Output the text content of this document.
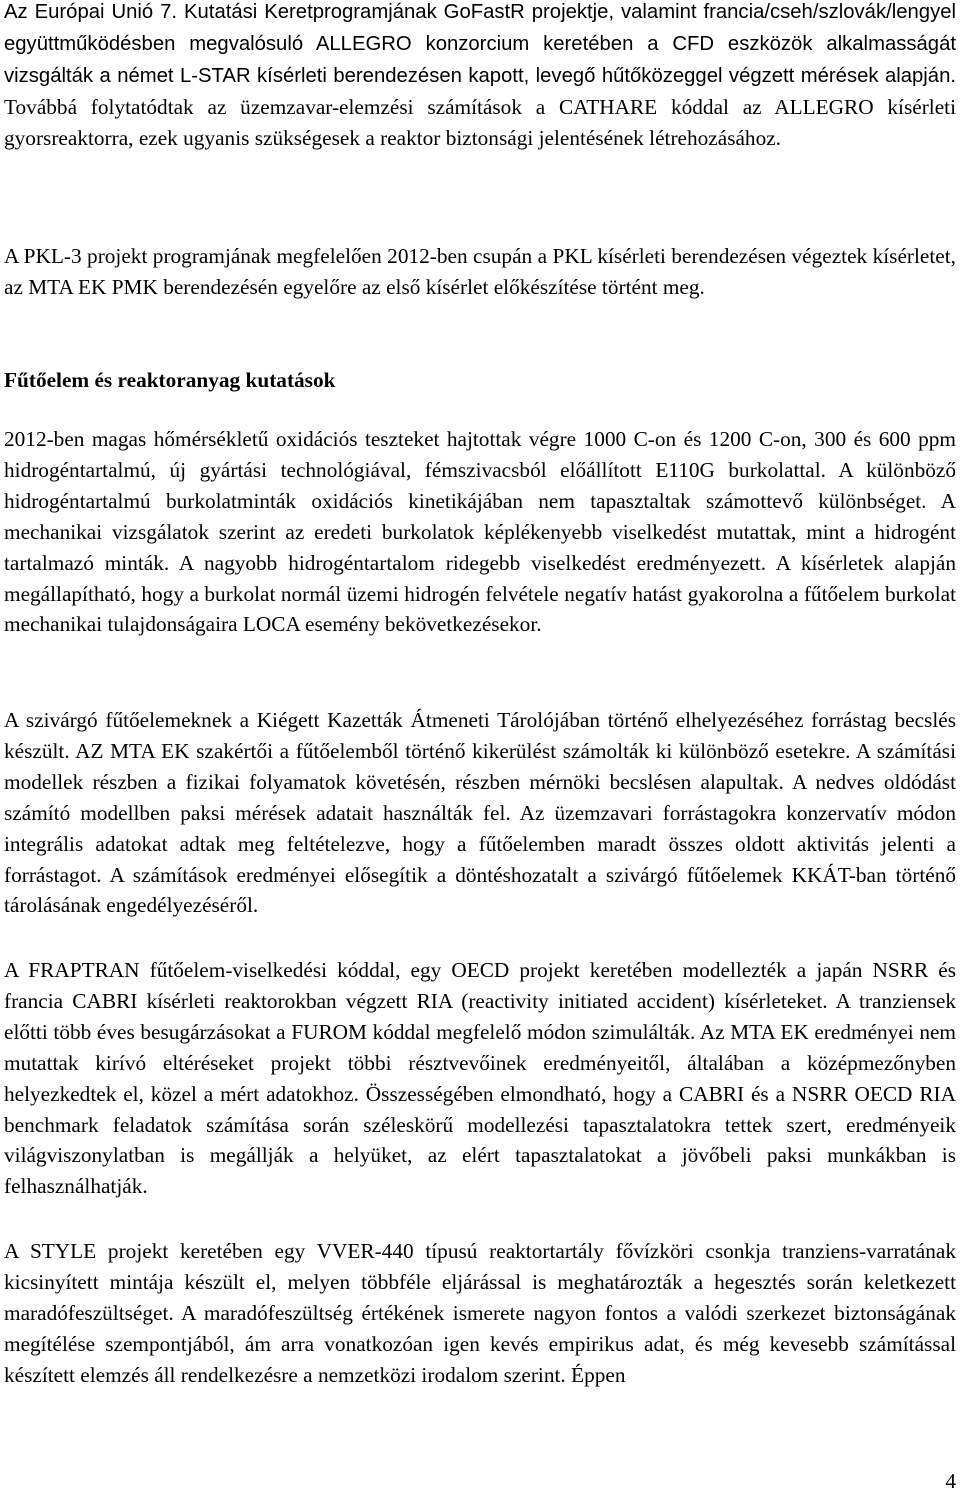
Az Európai Unió 7. Kutatási Keretprogramjának GoFastR projektje, valamint francia/cseh/szlovák/lengyel együttműködésben megvalósuló ALLEGRO konzorcium keretében a CFD eszközök alkalmasságát vizsgálták a német L-STAR kísérleti berendezésen kapott, levegő hűtőközeggel végzett mérések alapján. Továbbá folytatódtak az üzemzavar-elemzési számítások a CATHARE kóddal az ALLEGRO kísérleti gyorsreaktorra, ezek ugyanis szükségesek a reaktor biztonsági jelentésének létrehozásához.

A PKL-3 projekt programjának megfelelően 2012-ben csupán a PKL kísérleti berendezésen végeztek kísérletet, az MTA EK PMK berendezésén egyelőre az első kísérlet előkészítése történt meg.

Fűtőelem és reaktoranyag kutatások

2012-ben magas hőmérsékletű oxidációs teszteket hajtottak végre 1000 C-on és 1200 C-on, 300 és 600 ppm hidrogéntartalmú, új gyártási technológiával, fémszivacsból előállított E110G burkolattal. A különböző hidrogéntartalmú burkolatminták oxidációs kinetikájában nem tapasztaltak számottevő különbséget. A mechanikai vizsgálatok szerint az eredeti burkolatok képlékenyebb viselkedést mutattak, mint a hidrogént tartalmazó minták. A nagyobb hidrogéntartalom ridegebb viselkedést eredményezett. A kísérletek alapján megállapítható, hogy a burkolat normál üzemi hidrogén felvétele negatív hatást gyakorolna a fűtőelem burkolat mechanikai tulajdonságaira LOCA esemény bekövetkezésekor.

A szivárgó fűtőelemeknek a Kiégett Kazetták Átmeneti Tárolójában történő elhelyezéséhez forrástag becslés készült. AZ MTA EK szakértői a fűtőelemből történő kikerülést számolták ki különböző esetekre. A számítási modellek részben a fizikai folyamatok követésén, részben mérnöki becslésen alapultak. A nedves oldódást számító modellben paksi mérések adatait használták fel. Az üzemzavari forrástagokra konzervatív módon integrális adatokat adtak meg feltételezve, hogy a fűtőelemben maradt összes oldott aktivitás jelenti a forrástagot. A számítások eredményei elősegítik a döntéshozatalt a szivárgó fűtőelemek KKÁT-ban történő tárolásának engedélyezéséről.

A FRAPTRAN fűtőelem-viselkedési kóddal, egy OECD projekt keretében modellezték a japán NSRR és francia CABRI kísérleti reaktorokban végzett RIA (reactivity initiated accident) kísérleteket. A tranziensek előtti több éves besugárzásokat a FUROM kóddal megfelelő módon szimulálták. Az MTA EK eredményei nem mutattak kirívó eltéréseket projekt többi résztvevőinek eredményeitől, általában a középmezőnyben helyezkedtek el, közel a mért adatokhoz. Összességében elmondható, hogy a CABRI és a NSRR OECD RIA benchmark feladatok számítása során széleskörű modellezési tapasztalatokra tettek szert, eredményeik világviszonylatban is megállják a helyüket, az elért tapasztalatokat a jövőbeli paksi munkákban is felhasználhatják.

A STYLE projekt keretében egy VVER-440 típusú reaktortartály fővízköri csonkja tranziens-varratának kicsinyített mintája készült el, melyen többféle eljárással is meghatározták a hegesztés során keletkezett maradófeszültséget. A maradófeszültség értékének ismerete nagyon fontos a valódi szerkezet biztonságának megítélése szempontjából, ám arra vonatkozóan igen kevés empirikus adat, és még kevesebb számítással készített elemzés áll rendelkezésre a nemzetközi irodalom szerint. Éppen

4
